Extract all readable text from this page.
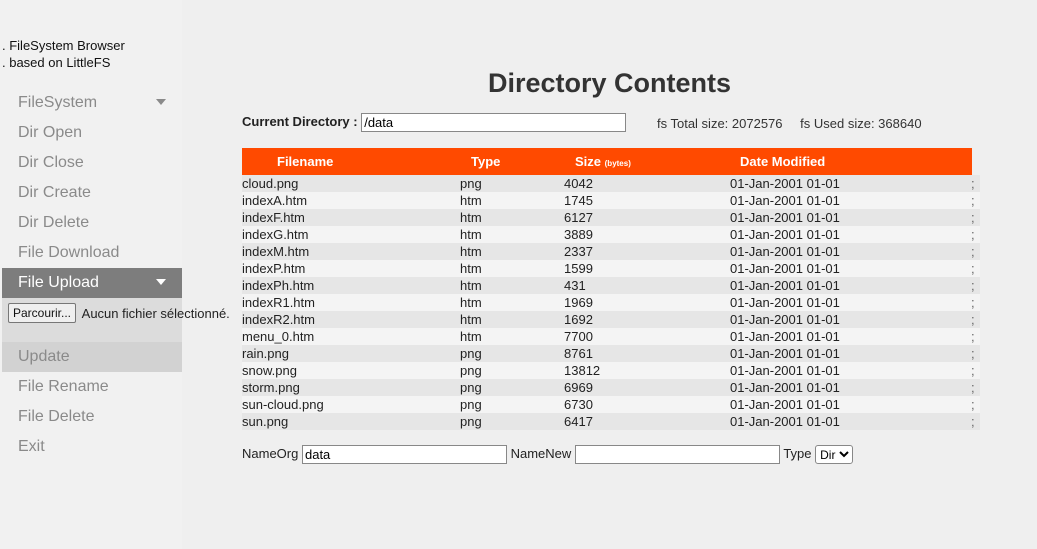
. FileSystem Browser
. based on LittleFS
FileSystem
Dir Open
Dir Close
Dir Create
Dir Delete
File Download
File Upload
Parcourir... Aucun fichier sélectionné.
Update
File Rename
File Delete
Exit
Directory Contents
Current Directory : /data	fs Total size: 2072576 fs Used size: 368640
Filename	Type	Size (bytes)	Date Modified
cloud.png	png	4042	01-Jan-2001 01-01	;
indexA.htm	htm	1745	01-Jan-2001 01-01	;
indexF.htm	htm	6127	01-Jan-2001 01-01	;
indexG.htm	htm	3889	01-Jan-2001 01-01	;
indexM.htm	htm	2337	01-Jan-2001 01-01	;
indexP.htm	htm	1599	01-Jan-2001 01-01	;
indexPh.htm	htm	431	01-Jan-2001 01-01	;
indexR1.htm	htm	1969	01-Jan-2001 01-01	;
indexR2.htm	htm	1692	01-Jan-2001 01-01	;
menu_0.htm	htm	7700	01-Jan-2001 01-01	;
rain.png	png	8761	01-Jan-2001 01-01	;
snow.png	png	13812	01-Jan-2001 01-01	;
storm.png	png	6969	01-Jan-2001 01-01	;
sun-cloud.png	png	6730	01-Jan-2001 01-01	;
sun.png	png	6417	01-Jan-2001 01-01	;
NameOrg data	NameNew	Type
Dir
